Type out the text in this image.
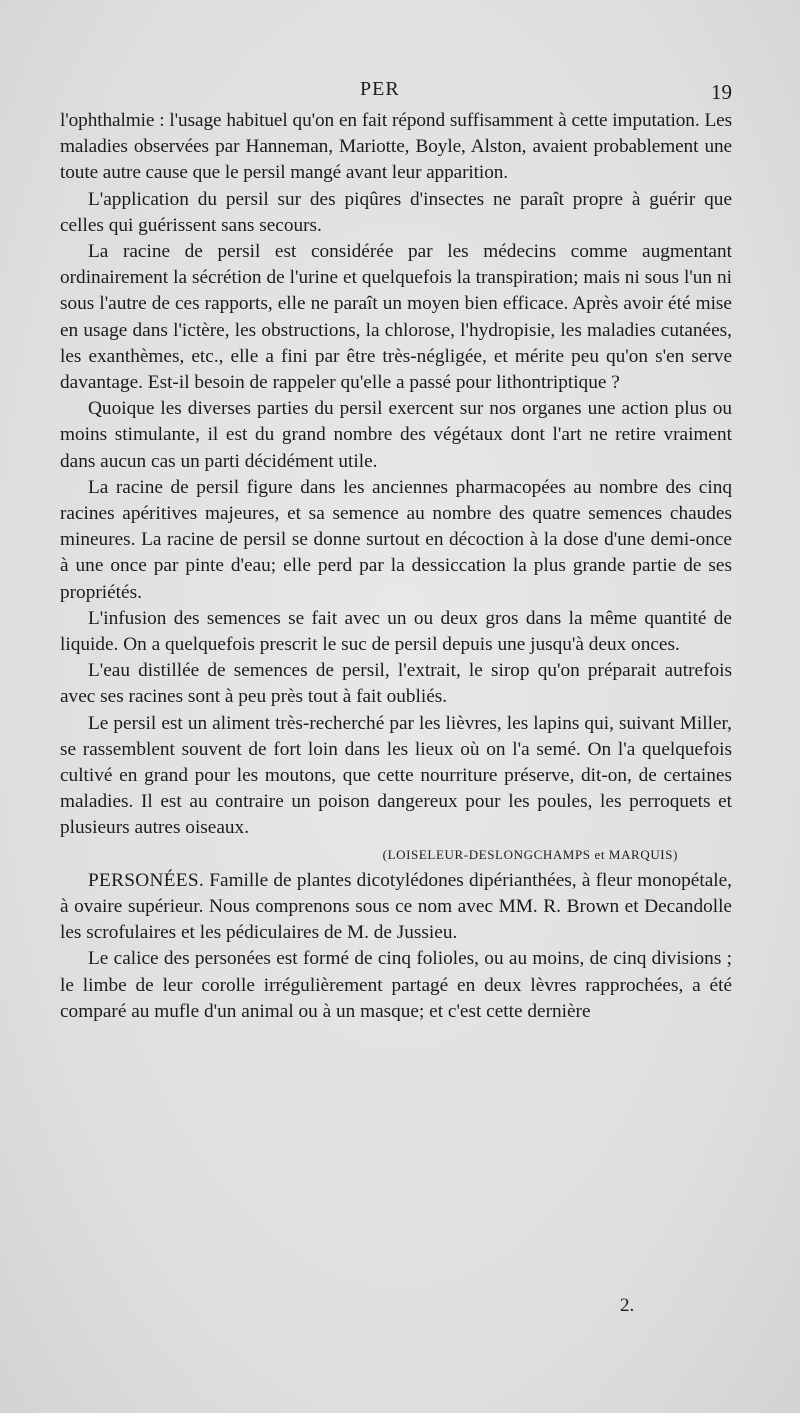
PER	19

l'ophthalmie : l'usage habituel qu'on en fait répond suffisamment à cette imputation. Les maladies observées par Hanneman, Mariotte, Boyle, Alston, avaient probablement une toute autre cause que le persil mangé avant leur apparition.

L'application du persil sur des piqûres d'insectes ne paraît propre à guérir que celles qui guérissent sans secours.

La racine de persil est considérée par les médecins comme augmentant ordinairement la sécrétion de l'urine et quelquefois la transpiration; mais ni sous l'un ni sous l'autre de ces rapports, elle ne paraît un moyen bien efficace. Après avoir été mise en usage dans l'ictère, les obstructions, la chlorose, l'hydropisie, les maladies cutanées, les exanthèmes, etc., elle a fini par être très-négligée, et mérite peu qu'on s'en serve davantage. Est-il besoin de rappeler qu'elle a passé pour lithontriptique ?

Quoique les diverses parties du persil exercent sur nos organes une action plus ou moins stimulante, il est du grand nombre des végétaux dont l'art ne retire vraiment dans aucun cas un parti décidément utile.

La racine de persil figure dans les anciennes pharmacopées au nombre des cinq racines apéritives majeures, et sa semence au nombre des quatre semences chaudes mineures. La racine de persil se donne surtout en décoction à la dose d'une demi-once à une once par pinte d'eau; elle perd par la dessiccation la plus grande partie de ses propriétés.

L'infusion des semences se fait avec un ou deux gros dans la même quantité de liquide. On a quelquefois prescrit le suc de persil depuis une jusqu'à deux onces.

L'eau distillée de semences de persil, l'extrait, le sirop qu'on préparait autrefois avec ses racines sont à peu près tout à fait oubliés.

Le persil est un aliment très-recherché par les lièvres, les lapins qui, suivant Miller, se rassemblent souvent de fort loin dans les lieux où on l'a semé. On l'a quelquefois cultivé en grand pour les moutons, que cette nourriture préserve, dit-on, de certaines maladies. Il est au contraire un poison dangereux pour les poules, les perroquets et plusieurs autres oiseaux.

(LOISELEUR-DESLONGCHAMPS et MARQUIS)

PERSONÉES. Famille de plantes dicotylédones dipérianthées, à fleur monopétale, à ovaire supérieur. Nous comprenons sous ce nom avec MM. R. Brown et Decandolle les scrofulaires et les pédiculaires de M. de Jussieu.

Le calice des personées est formé de cinq folioles, ou au moins, de cinq divisions ; le limbe de leur corolle irrégulièrement partagé en deux lèvres rapprochées, a été comparé au mufle d'un animal ou à un masque; et c'est cette dernière

2.
